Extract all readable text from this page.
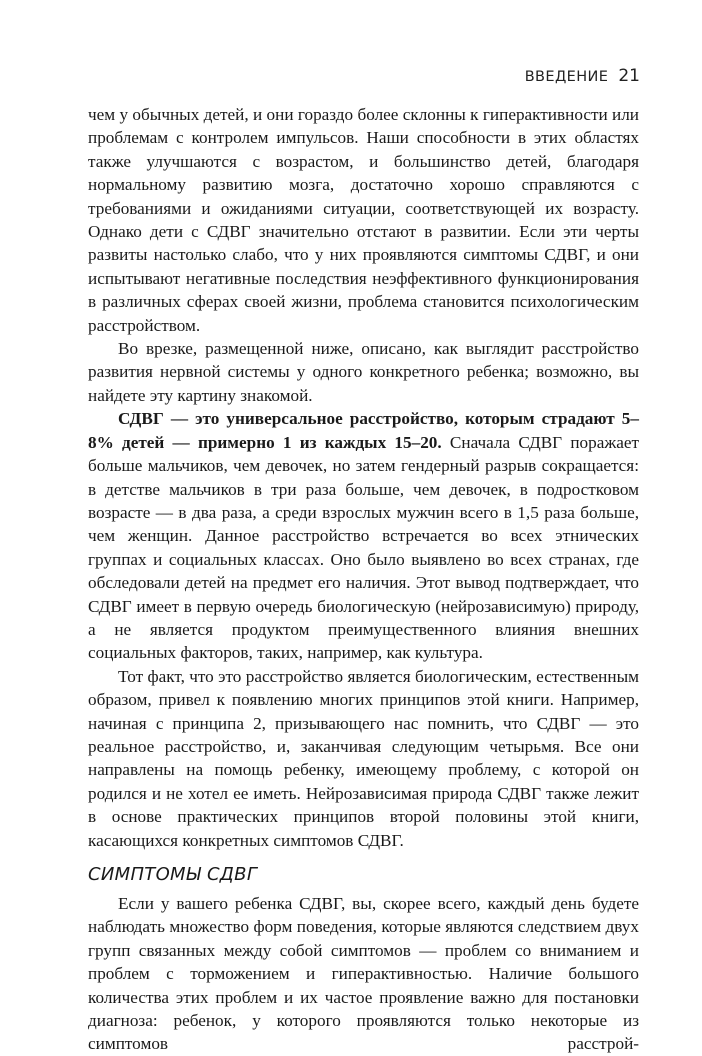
ВВЕДЕНИЕ 21

чем у обычных детей, и они гораздо более склонны к гиперактивности или проблемам с контролем импульсов. Наши способности в этих областях также улучшаются с возрастом, и большинство детей, благодаря нормальному развитию мозга, достаточно хорошо справляются с требованиями и ожиданиями ситуации, соответствующей их возрасту. Однако дети с СДВГ значительно отстают в развитии. Если эти черты развиты настолько слабо, что у них проявляются симптомы СДВГ, и они испытывают негативные последствия неэффективного функционирования в различных сферах своей жизни, проблема становится психологическим расстройством.

Во врезке, размещенной ниже, описано, как выглядит расстройство развития нервной системы у одного конкретного ребенка; возможно, вы найдете эту картину знакомой.

СДВГ — это универсальное расстройство, которым страдают 5–8% детей — примерно 1 из каждых 15–20. Сначала СДВГ поражает больше мальчиков, чем девочек, но затем гендерный разрыв сокращается: в детстве мальчиков в три раза больше, чем девочек, в подростковом возрасте — в два раза, а среди взрослых мужчин всего в 1,5 раза больше, чем женщин. Данное расстройство встречается во всех этнических группах и социальных классах. Оно было выявлено во всех странах, где обследовали детей на предмет его наличия. Этот вывод подтверждает, что СДВГ имеет в первую очередь биологическую (нейрозависимую) природу, а не является продуктом преимущественного влияния внешних социальных факторов, таких, например, как культура.

Тот факт, что это расстройство является биологическим, естественным образом, привел к появлению многих принципов этой книги. Например, начиная с принципа 2, призывающего нас помнить, что СДВГ — это реальное расстройство, и, заканчивая следующим четырьмя. Все они направлены на помощь ребенку, имеющему проблему, с которой он родился и не хотел ее иметь. Нейрозависимая природа СДВГ также лежит в основе практических принципов второй половины этой книги, касающихся конкретных симптомов СДВГ.

СИМПТОМЫ СДВГ

Если у вашего ребенка СДВГ, вы, скорее всего, каждый день будете наблюдать множество форм поведения, которые являются следствием двух групп связанных между собой симптомов — проблем со вниманием и проблем с торможением и гиперактивностью. Наличие большого количества этих проблем и их частое проявление важно для постановки диагноза: ребенок, у которого проявляются только некоторые из симптомов расстрой-
